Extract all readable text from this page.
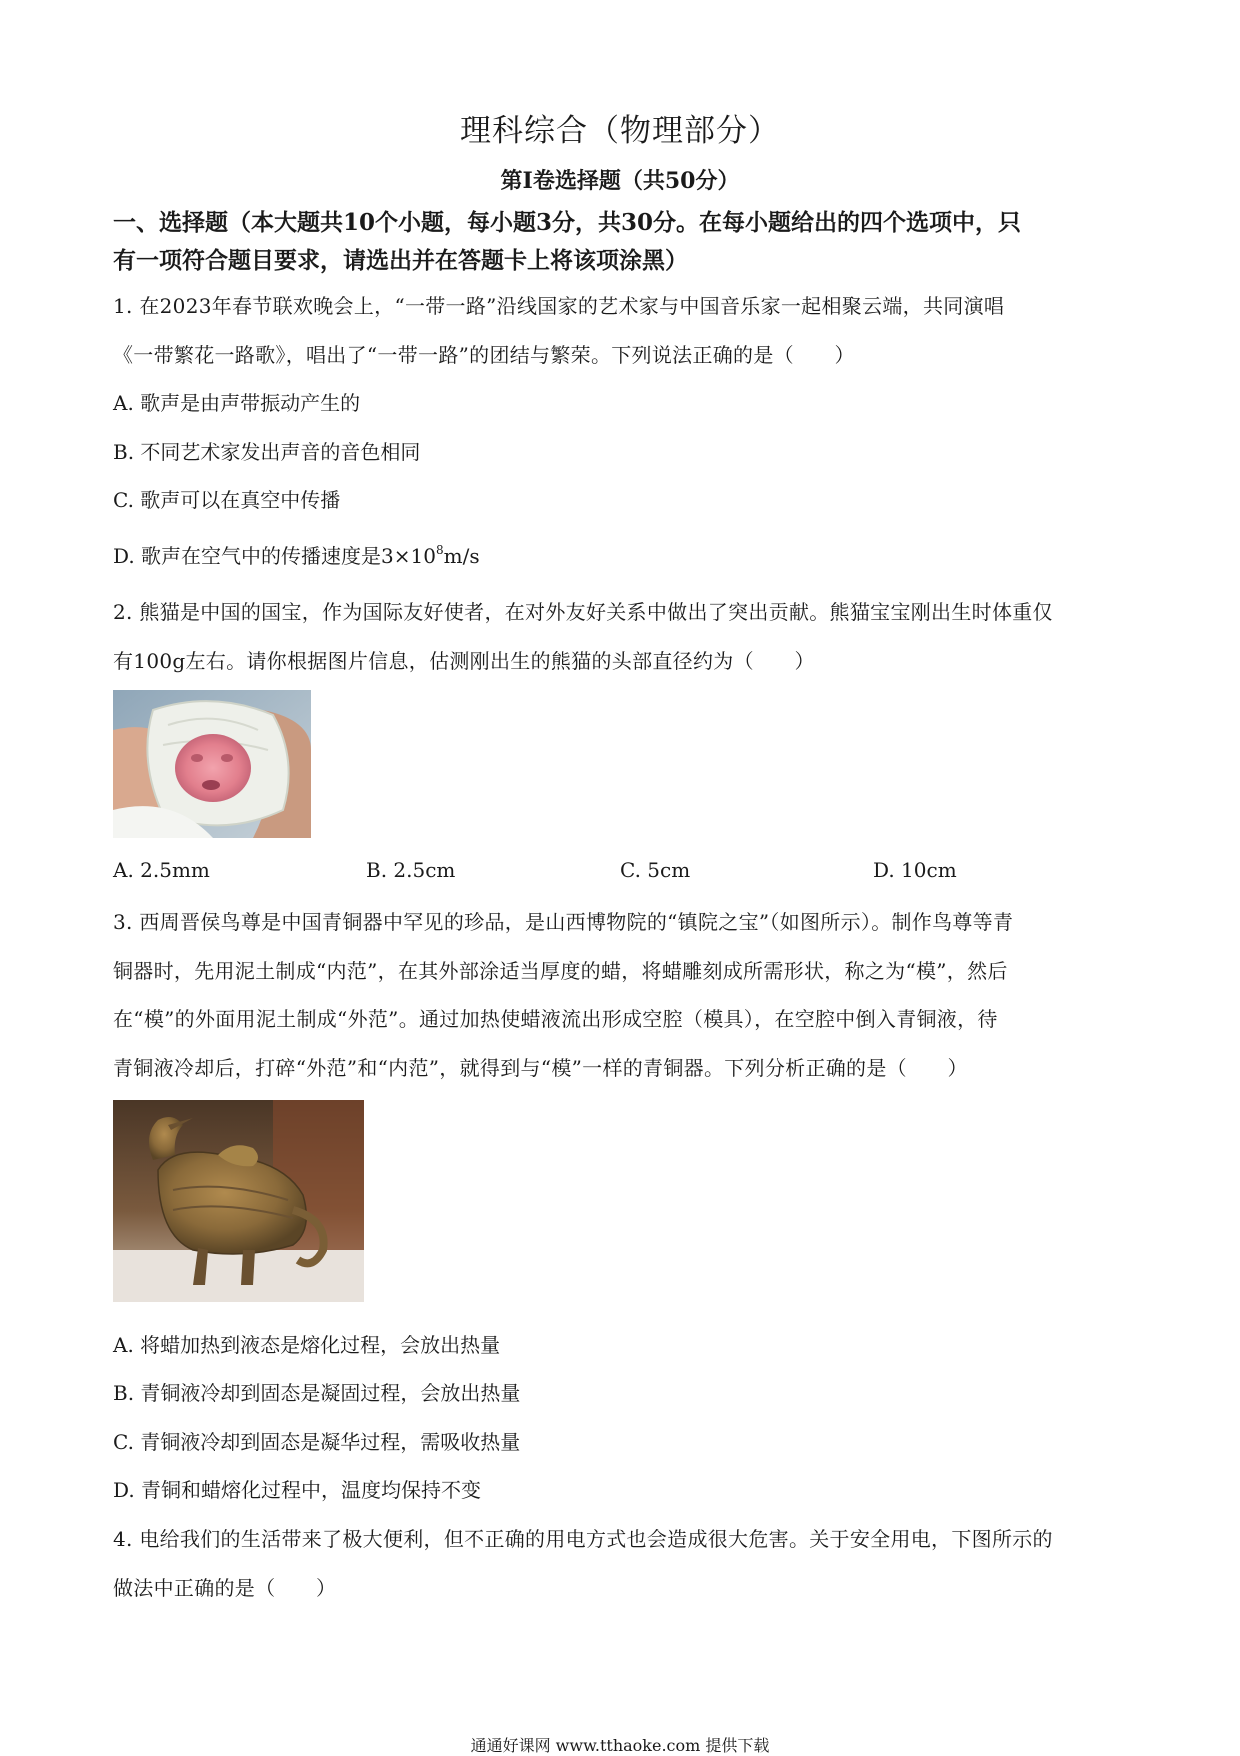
理科综合（物理部分）
第I卷选择题（共50分）
一、选择题（本大题共10个小题，每小题3分，共30分。在每小题给出的四个选项中，只
有一项符合题目要求，请选出并在答题卡上将该项涂黑）
1. 在2023年春节联欢晚会上，“一带一路”沿线国家的艺术家与中国音乐家一起相聚云端，共同演唱
《一带繁花一路歌》，唱出了“一带一路”的团结与繁荣。下列说法正确的是（　　）
A. 歌声是由声带振动产生的
B. 不同艺术家发出声音的音色相同
C. 歌声可以在真空中传播
D. 歌声在空气中的传播速度是$3\times 10^8m/s$
2. 熊猫是中国的国宝，作为国际友好使者，在对外友好关系中做出了突出贡献。熊猫宝宝刚出生时体重仅
有100g左右。请你根据图片信息，估测刚出生的熊猫的头部直径约为（　　）
A. 2.5mm	B. 2.5cm	C. 5cm	D. 10cm
3. 西周晋侯鸟尊是中国青铜器中罕见的珍品，是山西博物院的“镇院之宝”（如图所示）。制作鸟尊等青
铜器时，先用泥土制成“内范”，在其外部涂适当厚度的蜡，将蜡雕刻成所需形状，称之为“模”，然后
在“模”的外面用泥土制成“外范”。通过加热使蜡液流出形成空腔（模具），在空腔中倒入青铜液，待
青铜液冷却后，打碎“外范”和“内范”，就得到与“模”一样的青铜器。下列分析正确的是（　　）
A. 将蜡加热到液态是熔化过程，会放出热量
B. 青铜液冷却到固态是凝固过程，会放出热量
C. 青铜液冷却到固态是凝华过程，需吸收热量
D. 青铜和蜡熔化过程中，温度均保持不变
4. 电给我们的生活带来了极大便利，但不正确的用电方式也会造成很大危害。关于安全用电，下图所示的
做法中正确的是（　　）
通通好课网 www.tthaoke.com 提供下载
